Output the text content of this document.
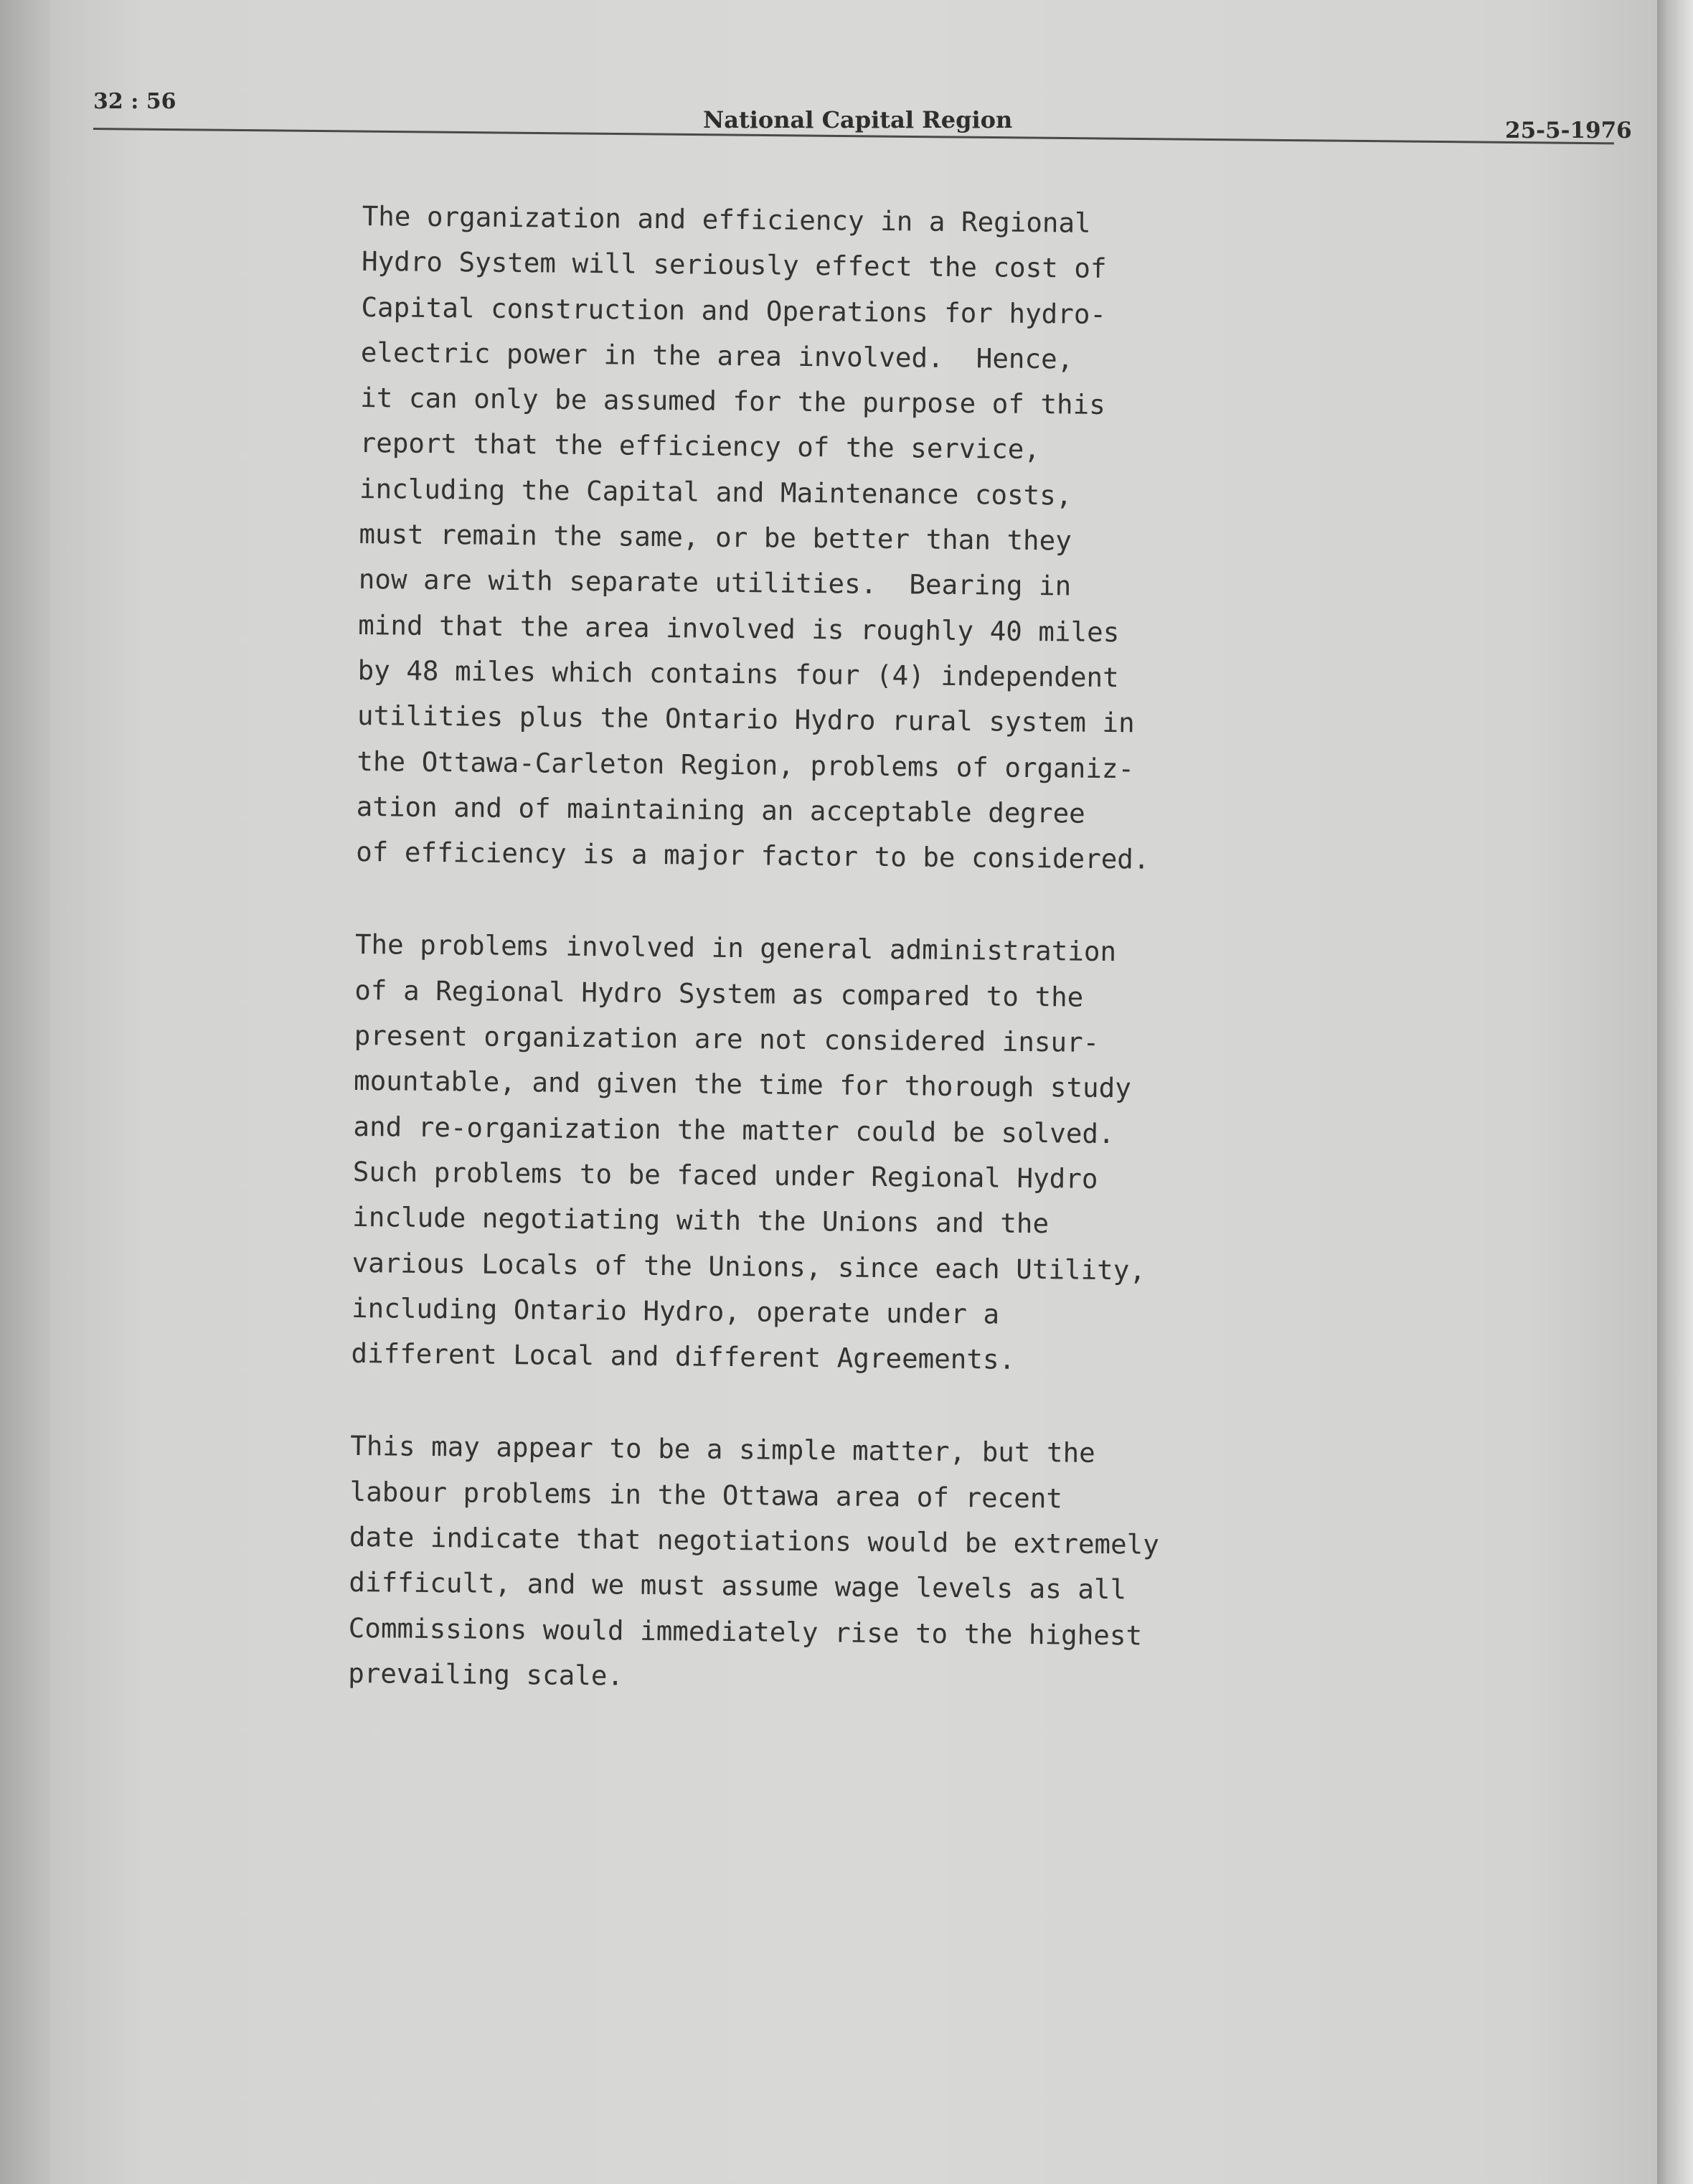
32 : 56
National Capital Region	25-5-1976

The organization and efficiency in a Regional
Hydro System will seriously effect the cost of
Capital construction and Operations for hydro-
electric power in the area involved.  Hence,
it can only be assumed for the purpose of this
report that the efficiency of the service,
including the Capital and Maintenance costs,
must remain the same, or be better than they
now are with separate utilities.  Bearing in
mind that the area involved is roughly 40 miles
by 48 miles which contains four (4) independent
utilities plus the Ontario Hydro rural system in
the Ottawa-Carleton Region, problems of organiz-
ation and of maintaining an acceptable degree
of efficiency is a major factor to be considered.

The problems involved in general administration
of a Regional Hydro System as compared to the
present organization are not considered insur-
mountable, and given the time for thorough study
and re-organization the matter could be solved.
Such problems to be faced under Regional Hydro
include negotiating with the Unions and the
various Locals of the Unions, since each Utility,
including Ontario Hydro, operate under a
different Local and different Agreements.

This may appear to be a simple matter, but the
labour problems in the Ottawa area of recent
date indicate that negotiations would be extremely
difficult, and we must assume wage levels as all
Commissions would immediately rise to the highest
prevailing scale.
